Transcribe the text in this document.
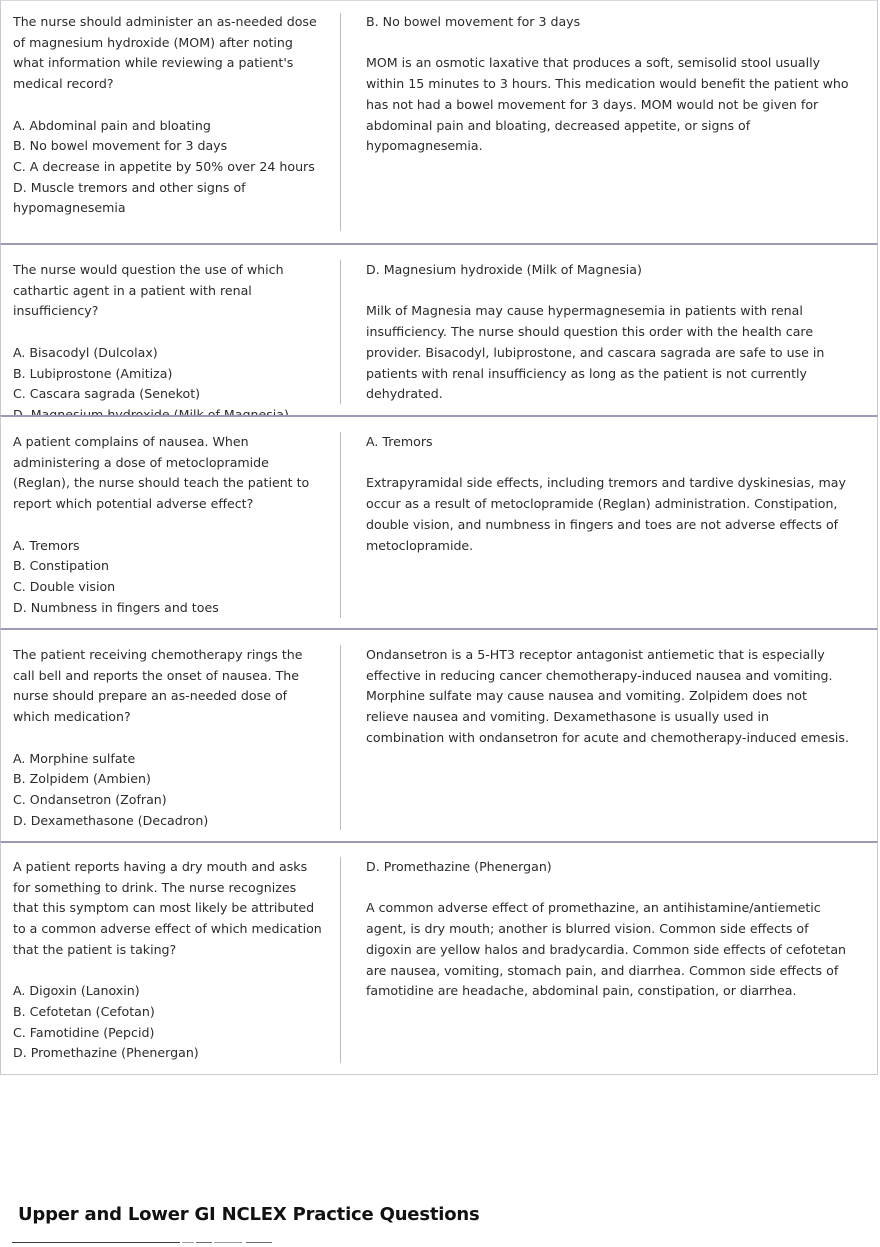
The nurse should administer an as-needed dose of magnesium hydroxide (MOM) after noting what information while reviewing a patient's medical record?

A. Abdominal pain and bloating

B. No bowel movement for 3 days

C. A decrease in appetite by 50% over 24 hours

D. Muscle tremors and other signs of hypomagnesemia

B. No bowel movement for 3 days

MOM is an osmotic laxative that produces a soft, semisolid stool usually within 15 minutes to 3 hours. This medication would benefit the patient who has not had a bowel movement for 3 days. MOM would not be given for abdominal pain and bloating, decreased appetite, or signs of hypomagnesemia.

The nurse would question the use of which cathartic agent in a patient with renal insufficiency?

A. Bisacodyl (Dulcolax)

B. Lubiprostone (Amitiza)

C. Cascara sagrada (Senekot)

D. Magnesium hydroxide (Milk of Magnesia)

Milk of Magnesia may cause hypermagnesemia in patients with renal insufficiency. The nurse should question this order with the health care provider. Bisacodyl, lubiprostone, and cascara sagrada are safe to use in patients with renal insufficiency as long as the patient is not currently dehydrated.

A patient complains of nausea. When administering a dose of metoclopramide (Reglan), the nurse should teach the patient to report which potential adverse effect?

A. Tremors

B. Constipation

C. Double vision

D. Numbness in fingers and toes

A. Tremors

Extrapyramidal side effects, including tremors and tardive dyskinesias, may occur as a result of metoclopramide (Reglan) administration. Constipation, double vision, and numbness in fingers and toes are not adverse effects of metoclopramide.

The patient receiving chemotherapy rings the call bell and reports the onset of nausea. The nurse should prepare an as-needed dose of which medication?

A. Morphine sulfate

B. Zolpidem (Ambien)

C. Ondansetron (Zofran)

D. Dexamethasone (Decadron)

Ondansetron is a 5-HT3 receptor antagonist antiemetic that is especially effective in reducing cancer chemotherapy-induced nausea and vomiting. Morphine sulfate may cause nausea and vomiting. Zolpidem does not relieve nausea and vomiting. Dexamethasone is usually used in combination with ondansetron for acute and chemotherapy-induced emesis.

A patient reports having a dry mouth and asks for something to drink. The nurse recognizes that this symptom can most likely be attributed to a common adverse effect of which medication that the patient is taking?

A. Digoxin (Lanoxin)

B. Cefotetan (Cefotan)

C. Famotidine (Pepcid)

D. Promethazine (Phenergan)

D. Promethazine (Phenergan)

A common adverse effect of promethazine, an antihistamine/antiemetic agent, is dry mouth; another is blurred vision. Common side effects of digoxin are yellow halos and bradycardia. Common side effects of cefotetan are nausea, vomiting, stomach pain, and diarrhea. Common side effects of famotidine are headache, abdominal pain, constipation, or diarrhea.

Upper and Lower GI NCLEX Practice Questions
